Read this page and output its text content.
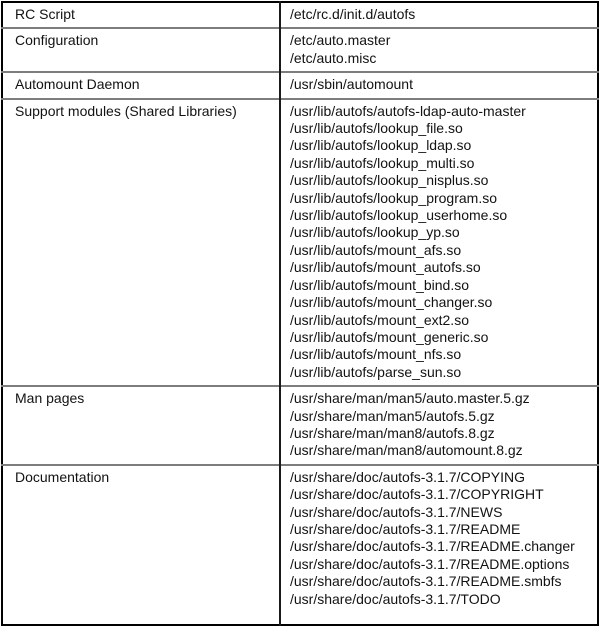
RC Script	/etc/rc.d/init.d/autofs

Configuration	/etc/auto.master
/etc/auto.misc

Automount Daemon	/usr/sbin/automount

Support modules (Shared Libraries)	/usr/lib/autofs/autofs-ldap-auto-master
/usr/lib/autofs/lookup_file.so
/usr/lib/autofs/lookup_ldap.so
/usr/lib/autofs/lookup_multi.so
/usr/lib/autofs/lookup_nisplus.so
/usr/lib/autofs/lookup_program.so
/usr/lib/autofs/lookup_userhome.so
/usr/lib/autofs/lookup_yp.so
/usr/lib/autofs/mount_afs.so
/usr/lib/autofs/mount_autofs.so
/usr/lib/autofs/mount_bind.so
/usr/lib/autofs/mount_changer.so
/usr/lib/autofs/mount_ext2.so
/usr/lib/autofs/mount_generic.so
/usr/lib/autofs/mount_nfs.so
/usr/lib/autofs/parse_sun.so

Man pages	/usr/share/man/man5/auto.master.5.gz
/usr/share/man/man5/autofs.5.gz
/usr/share/man/man8/autofs.8.gz
/usr/share/man/man8/automount.8.gz

Documentation	/usr/share/doc/autofs-3.1.7/COPYING
/usr/share/doc/autofs-3.1.7/COPYRIGHT
/usr/share/doc/autofs-3.1.7/NEWS
/usr/share/doc/autofs-3.1.7/README
/usr/share/doc/autofs-3.1.7/README.changer
/usr/share/doc/autofs-3.1.7/README.options
/usr/share/doc/autofs-3.1.7/README.smbfs
/usr/share/doc/autofs-3.1.7/TODO
